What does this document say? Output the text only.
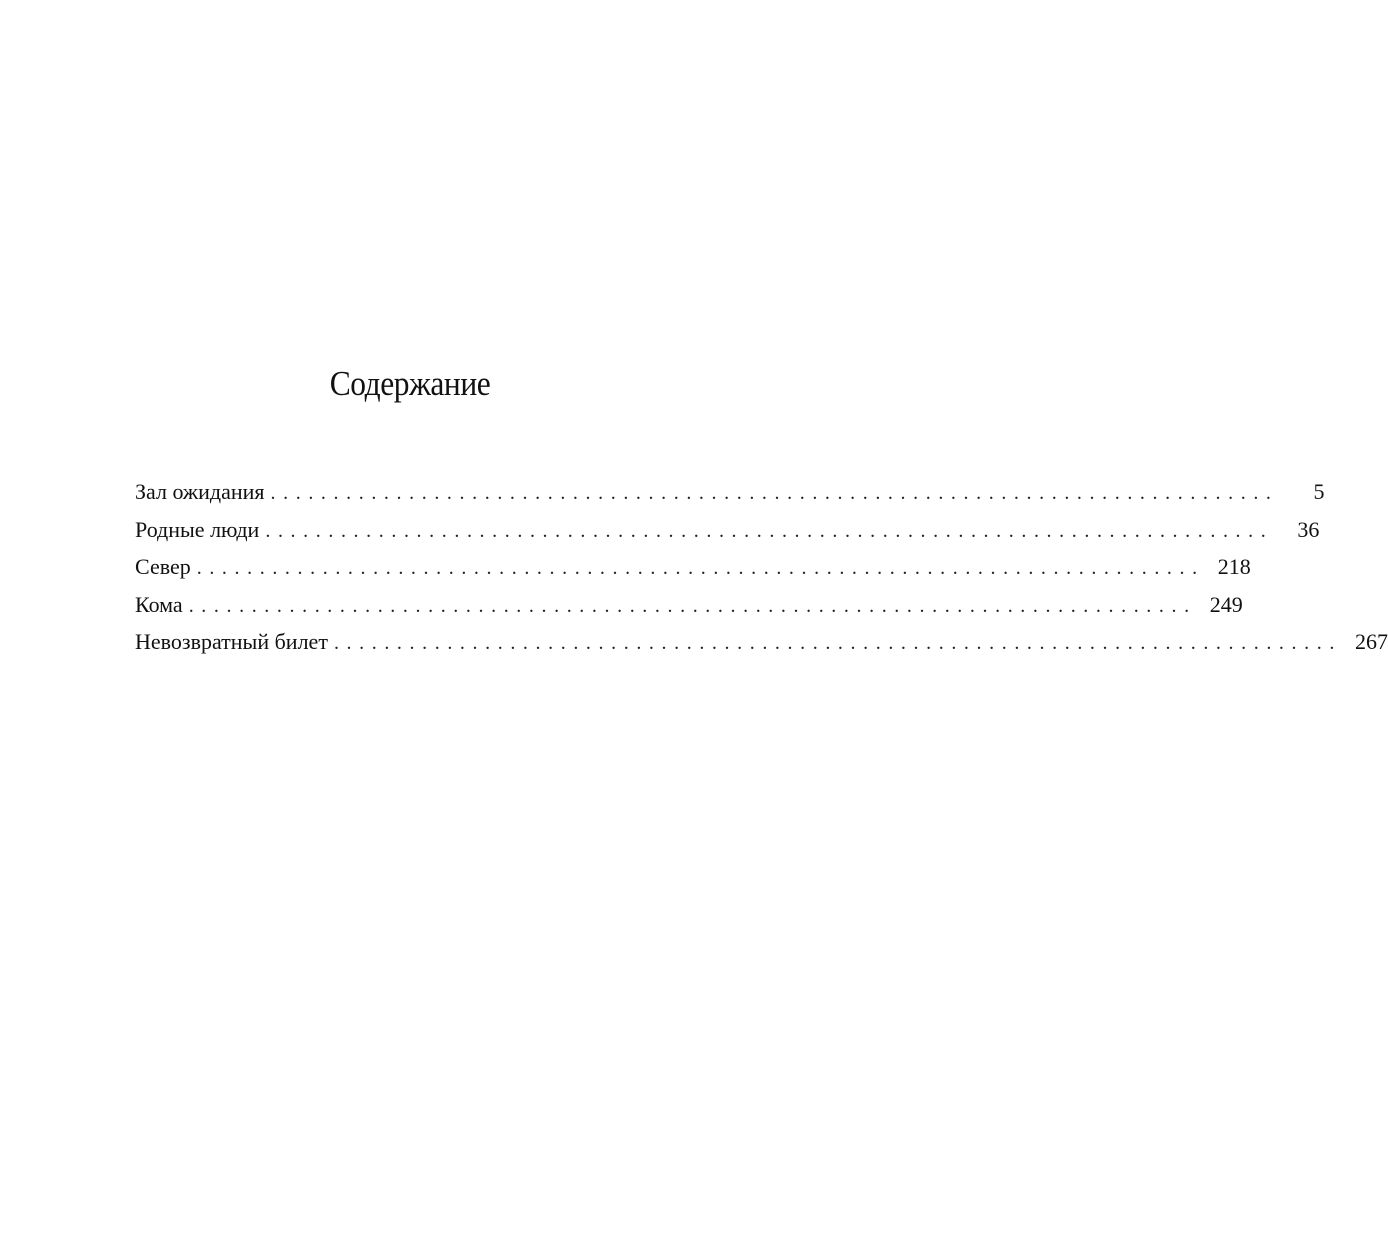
Содержание
Зал ожидания ................................................................................	5
Родные люди ................................................................................	36
Север ................................................................................ 218
Кома ................................................................................ 249
Невозвратный билет ................................................................................ 267
